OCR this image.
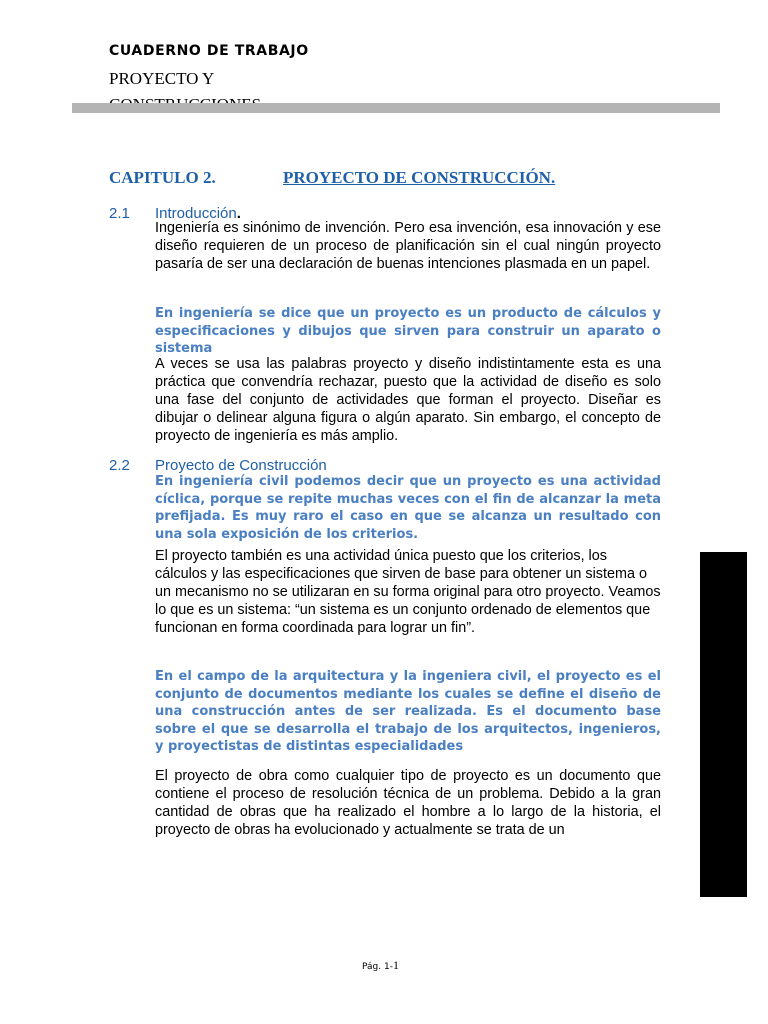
CUADERNO DE TRABAJO
PROYECTO Y
CAPITULO 2.	PROYECTO DE CONSTRUCCIÓN.
2.1 Introducción.
Ingeniería es sinónimo de invención. Pero esa invención, esa innovación y ese diseño requieren de un proceso de planificación sin el cual ningún proyecto pasaría de ser una declaración de buenas intenciones plasmada en un papel.
En ingeniería se dice que un proyecto es un producto de cálculos y especificaciones y dibujos que sirven para construir un aparato o sistema
A veces se usa las palabras proyecto y diseño indistintamente esta es una práctica que convendría rechazar, puesto que la actividad de diseño es solo una fase del conjunto de actividades que forman el proyecto. Diseñar es dibujar o delinear alguna figura o algún aparato. Sin embargo, el concepto de proyecto de ingeniería es más amplio.
2.2 Proyecto de Construcción
En ingeniería civil podemos decir que un proyecto es una actividad cíclica, porque se repite muchas veces con el fin de alcanzar la meta prefijada. Es muy raro el caso en que se alcanza un resultado con una sola exposición de los criterios.
El proyecto también es una actividad única puesto que los criterios, los cálculos y las especificaciones que sirven de base para obtener un sistema o un mecanismo no se utilizaran en su forma original para otro proyecto. Veamos lo que es un sistema: “un sistema es un conjunto ordenado de elementos que funcionan en forma coordinada para lograr un fin”.
En el campo de la arquitectura y la ingeniera civil, el proyecto es el conjunto de documentos mediante los cuales se define el diseño de una construcción antes de ser realizada. Es el documento base sobre el que se desarrolla el trabajo de los arquitectos, ingenieros, y proyectistas de distintas especialidades
El proyecto de obra como cualquier tipo de proyecto es un documento que contiene el proceso de resolución técnica de un problema. Debido a la gran cantidad de obras que ha realizado el hombre a lo largo de la historia, el proyecto de obras ha evolucionado y actualmente se trata de un
Pág. 1-1
